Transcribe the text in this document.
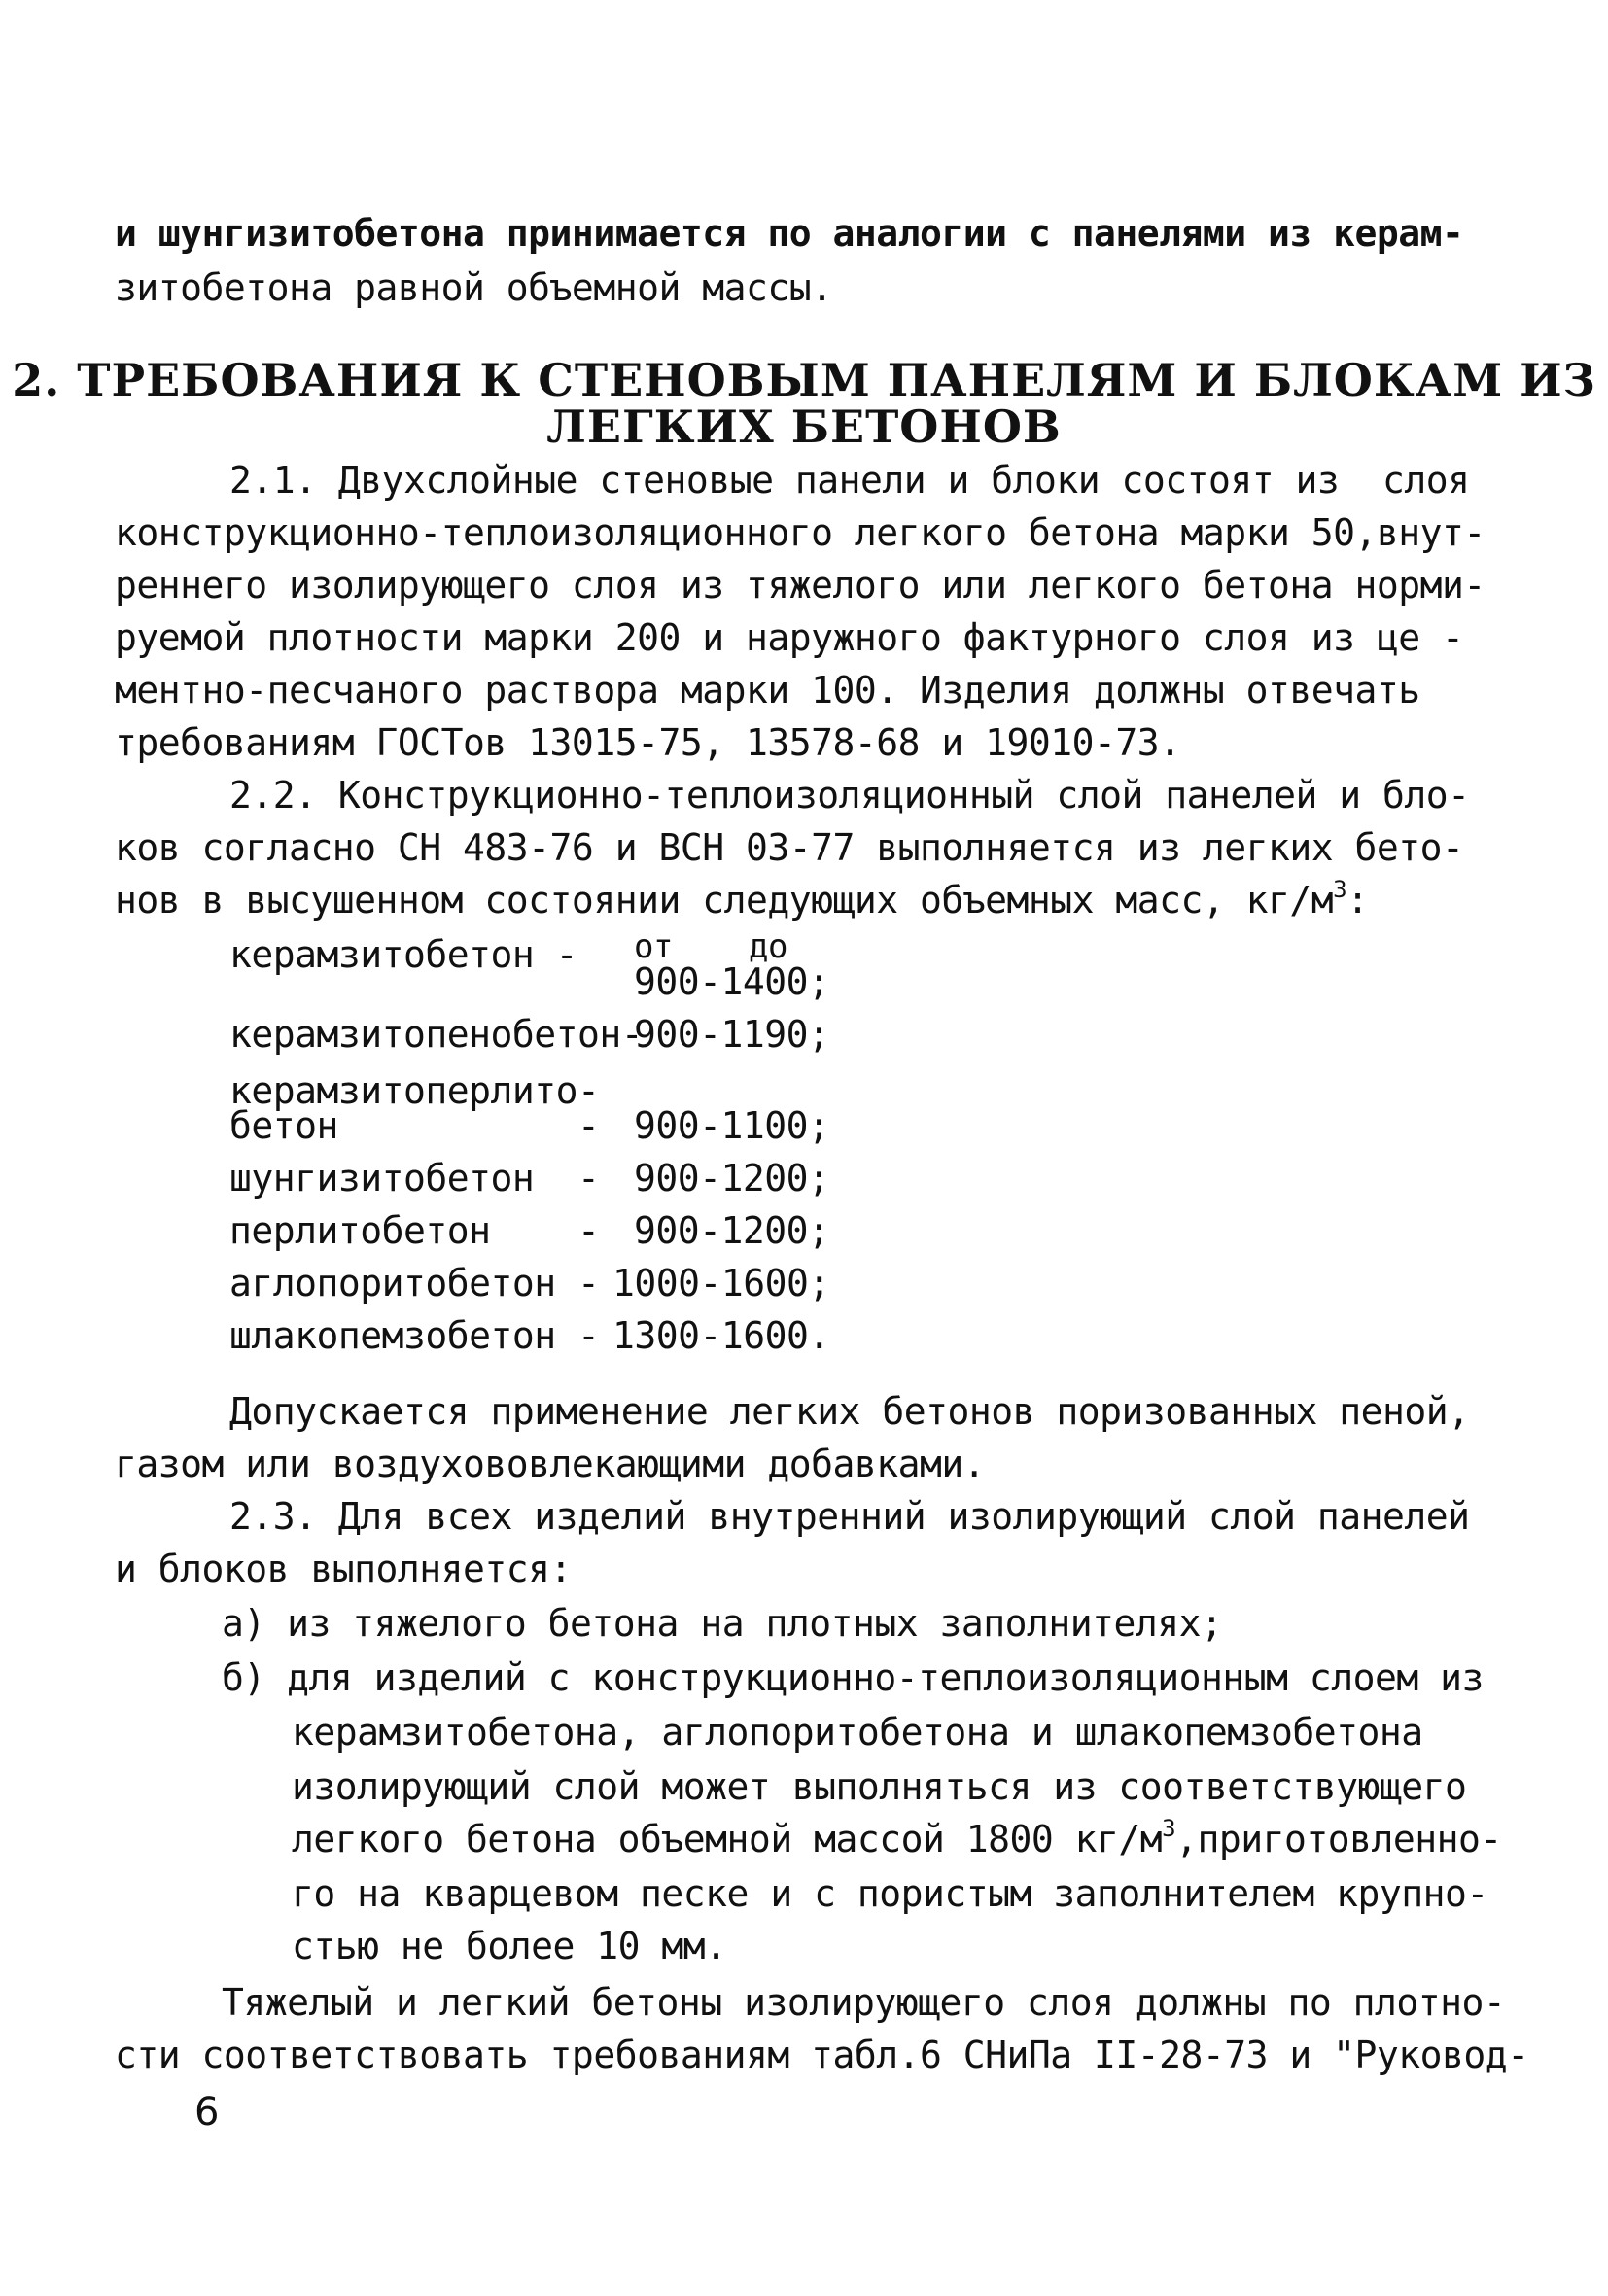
и шунгизитобетона принимается по аналогии с панелями из керам-
зитобетона равной объемной массы.
2. ТРЕБОВАНИЯ К СТЕНОВЫМ ПАНЕЛЯМ И БЛОКАМ ИЗ
ЛЕГКИХ БЕТОНОВ
2.1. Двухслойные стеновые панели и блоки состоят из  слоя
конструкционно-теплоизоляционного легкого бетона марки 50,внут-
реннего изолирующего слоя из тяжелого или легкого бетона норми-
руемой плотности марки 200 и наружного фактурного слоя из це -
ментно-песчаного раствора марки 100. Изделия должны отвечать
требованиям ГОСТов 13015-75, 13578-68 и 19010-73.
2.2. Конструкционно-теплоизоляционный слой панелей и бло-
ков согласно СН 483-76 и ВСН 03-77 выполняется из легких бето-
нов в высушенном состоянии следующих объемных масс, $кг/м^3$:
керамзитобетон - от до
900-1400;
керамзитопенобетон-
900-1190;
керамзитоперлито-
бетон           - 900-1100;
шунгизитобетон  - 900-1200;
перлитобетон    - 900-1200;
аглопоритобетон - 1000-1600;
шлакопемзобетон - 1300-1600.
Допускается применение легких бетонов поризованных пеной,
газом или воздухововлекающими добавками.
2.3. Для всех изделий внутренний изолирующий слой панелей
и блоков выполняется:
а) из тяжелого бетона на плотных заполнителях;
б) для изделий с конструкционно-теплоизоляционным слоем из
керамзитобетона, аглопоритобетона и шлакопемзобетона
изолирующий слой может выполняться из соответствующего
легкого бетона объемной массой 1800 $кг/м^3,приготовленно-$
го на кварцевом песке и с пористым заполнителем крупно-
стью не более 10 мм.
Тяжелый и легкий бетоны изолирующего слоя должны по плотно-
сти соответствовать требованиям табл.6 СНиПа II-28-73 и "Руковод-
6
